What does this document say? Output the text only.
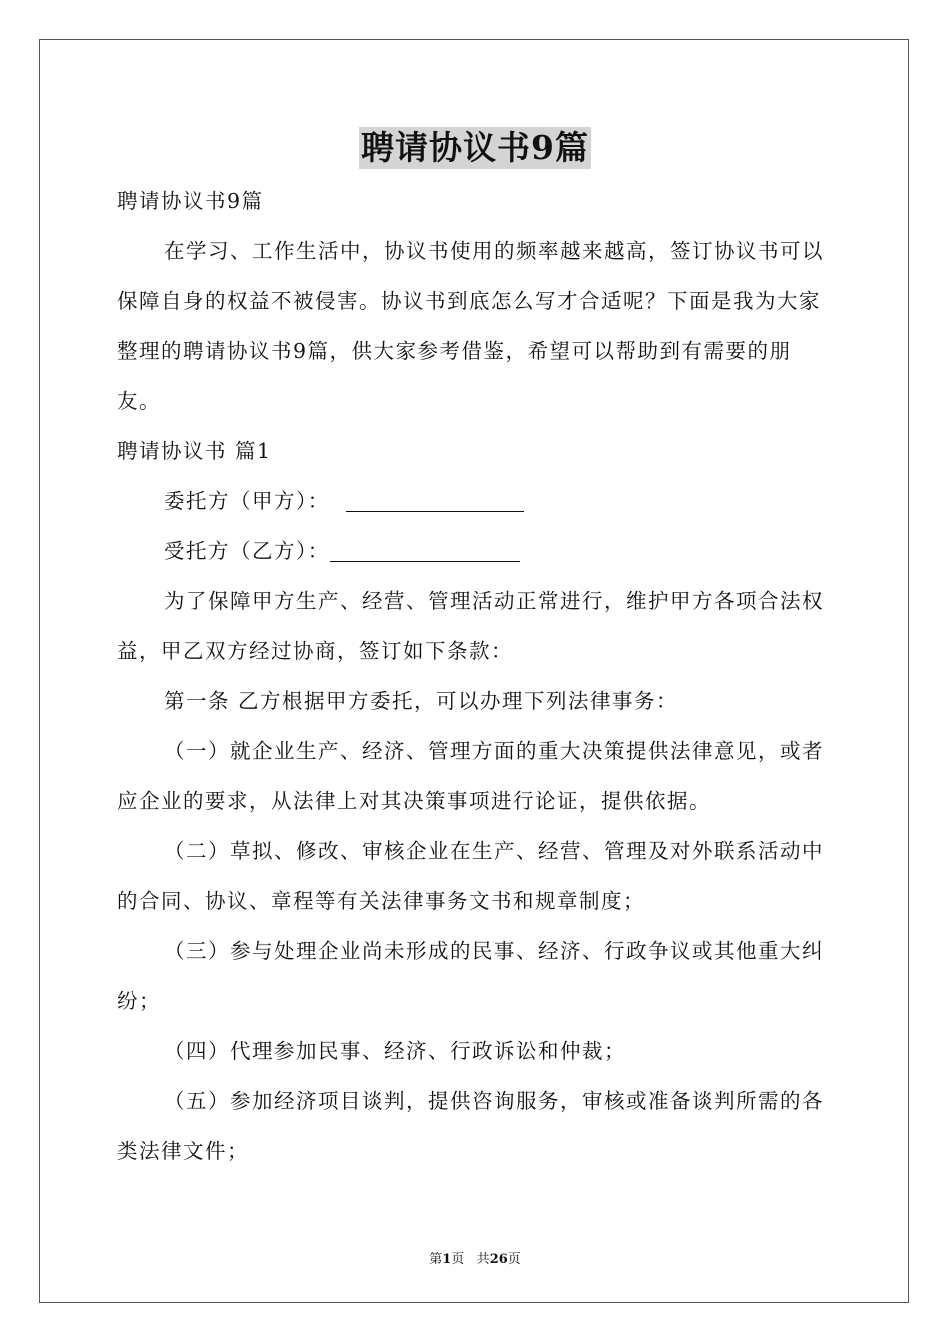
聘请协议书9篇

聘请协议书9篇

在学习、工作生活中，协议书使用的频率越来越高，签订协议书可以保障自身的权益不被侵害。协议书到底怎么写才合适呢？下面是我为大家整理的聘请协议书9篇，供大家参考借鉴，希望可以帮助到有需要的朋友。

聘请协议书 篇1

委托方（甲方）：

受托方（乙方）：

为了保障甲方生产、经营、管理活动正常进行，维护甲方各项合法权益，甲乙双方经过协商，签订如下条款：

第一条 乙方根据甲方委托，可以办理下列法律事务：

（一）就企业生产、经济、管理方面的重大决策提供法律意见，或者应企业的要求，从法律上对其决策事项进行论证，提供依据。

（二）草拟、修改、审核企业在生产、经营、管理及对外联系活动中的合同、协议、章程等有关法律事务文书和规章制度；

（三）参与处理企业尚未形成的民事、经济、行政争议或其他重大纠纷；

（四）代理参加民事、经济、行政诉讼和仲裁；

（五）参加经济项目谈判，提供咨询服务，审核或准备谈判所需的各类法律文件；

第1页 共26页
